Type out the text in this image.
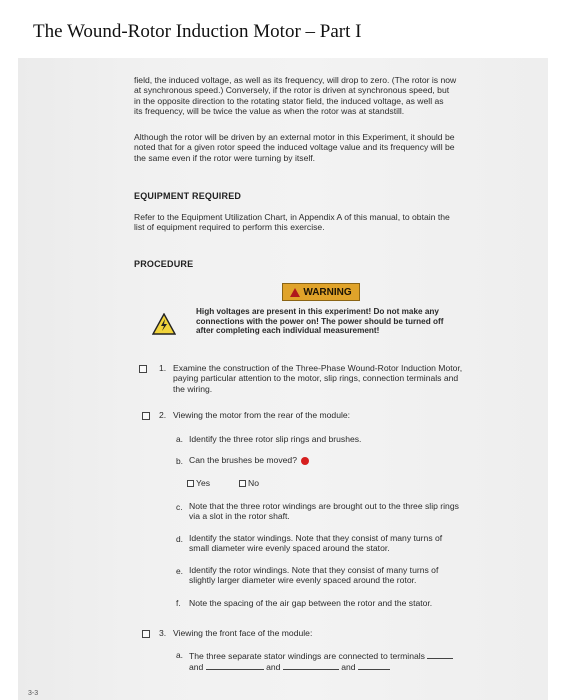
The Wound-Rotor Induction Motor – Part I
field, the induced voltage, as well as its frequency, will drop to zero. (The rotor is now
at synchronous speed.) Conversely, if the rotor is driven at synchronous speed, but
in the opposite direction to the rotating stator field, the induced voltage, as well as
its frequency, will be twice the value as when the rotor was at standstill.
Although the rotor will be driven by an external motor in this Experiment, it should be
noted that for a given rotor speed the induced voltage value and its frequency will be
the same even if the rotor were turning by itself.
EQUIPMENT REQUIRED
Refer to the Equipment Utilization Chart, in Appendix A of this manual, to obtain the
list of equipment required to perform this exercise.
PROCEDURE
WARNING
High voltages are present in this experiment! Do not make any
connections with the power on! The power should be turned off
after completing each individual measurement!
1. Examine the construction of the Three-Phase Wound-Rotor Induction Motor,
paying particular attention to the motor, slip rings, connection terminals and
the wiring.
2. Viewing the motor from the rear of the module:
a. Identify the three rotor slip rings and brushes.
b. Can the brushes be moved?
Yes	No
c. Note that the three rotor windings are brought out to the three slip rings
via a slot in the rotor shaft.
d. Identify the stator windings. Note that they consist of many turns of
small diameter wire evenly spaced around the stator.
e. Identify the rotor windings. Note that they consist of many turns of
slightly larger diameter wire evenly spaced around the rotor.
f. Note the spacing of the air gap between the rotor and the stator.
3. Viewing the front face of the module:
a. The three separate stator windings are connected to terminals
and	and	and
3-3
